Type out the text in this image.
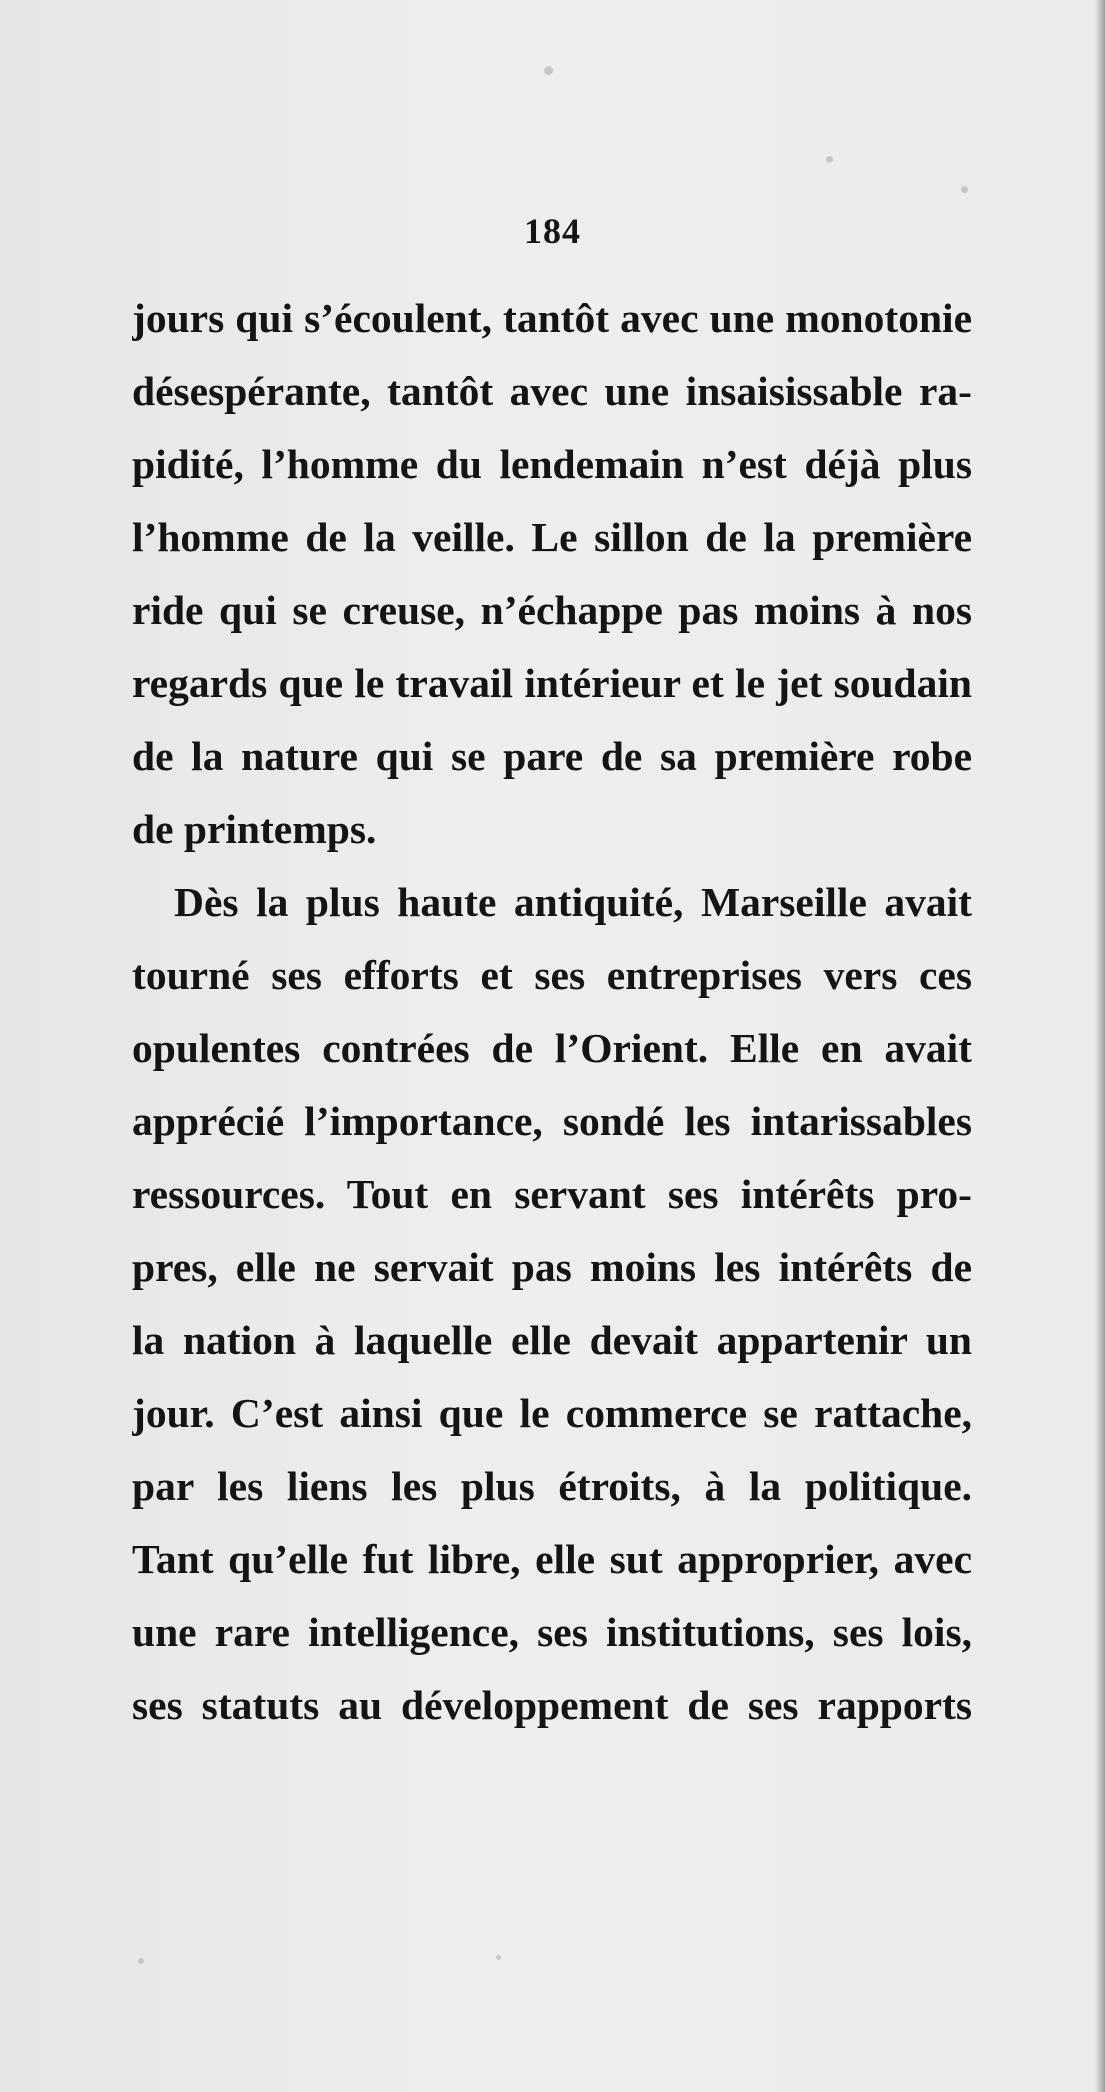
184
jours qui s’écoulent, tantôt avec une monotonie
désespérante, tantôt avec une insaisissable ra-
pidité, l’homme du lendemain n’est déjà plus
l’homme de la veille. Le sillon de la première
ride qui se creuse, n’échappe pas moins à nos
regards que le travail intérieur et le jet soudain
de la nature qui se pare de sa première robe
de printemps.
Dès la plus haute antiquité, Marseille avait
tourné ses efforts et ses entreprises vers ces
opulentes contrées de l’Orient. Elle en avait
apprécié l’importance, sondé les intarissables
ressources. Tout en servant ses intérêts pro-
pres, elle ne servait pas moins les intérêts de
la nation à laquelle elle devait appartenir un
jour. C’est ainsi que le commerce se rattache,
par les liens les plus étroits, à la politique.
Tant qu’elle fut libre, elle sut approprier, avec
une rare intelligence, ses institutions, ses lois,
ses statuts au développement de ses rapports
